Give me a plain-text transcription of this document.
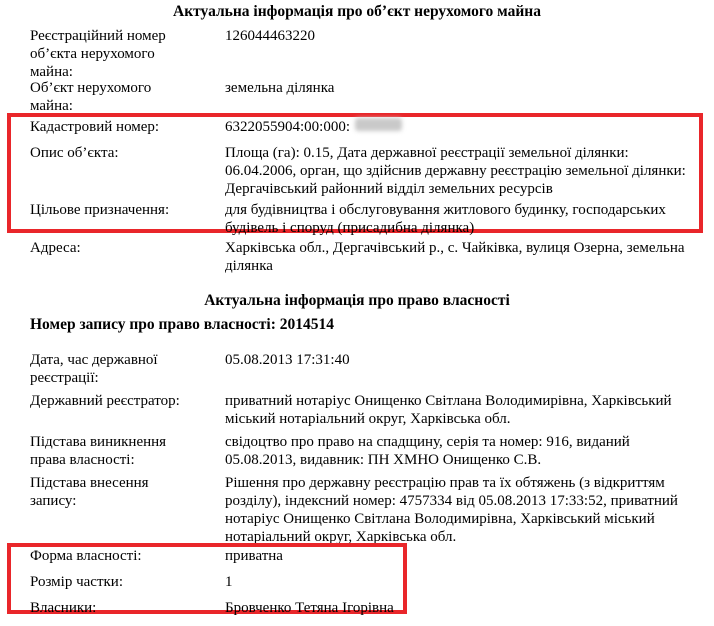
Актуальна інформація про об’єкт нерухомого майна
Реєстраційний номер об’єкта нерухомого майна:
126044463220
Об’єкт нерухомого майна:
земельна ділянка
Кадастровий номер:	6322055904:00:000:
Опис об’єкта:	Площа (га): 0.15, Дата державної реєстрації земельної ділянки: 06.04.2006, орган, що здійснив державну реєстрацію земельної ділянки: Дергачівський районний відділ земельних ресурсів
Цільове призначення:	для будівництва і обслуговування житлового будинку, господарських будівель і споруд (присадибна ділянка)
Адреса:	Харківська обл., Дергачівський р., с. Чайківка, вулиця Озерна, земельна ділянка
Актуальна інформація про право власності
Номер запису про право власності: 2014514
Дата, час державної реєстрації:
05.08.2013 17:31:40
Державний реєстратор:	приватний нотаріус Онищенко Світлана Володимирівна, Харківський міський нотаріальний округ, Харківська обл.
Підстава виникнення права власності:
свідоцтво про право на спадщину, серія та номер: 916, виданий 05.08.2013, видавник: ПН ХМНО Онищенко С.В.
Підстава внесення запису:
Рішення про державну реєстрацію прав та їх обтяжень (з відкриттям розділу), індексний номер: 4757334 від 05.08.2013 17:33:52, приватний нотаріус Онищенко Світлана Володимирівна, Харківський міський нотаріальний округ, Харківська обл.
Форма власності:	приватна
Розмір частки:	1
Власники:	Бровченко Тетяна Ігорівна
